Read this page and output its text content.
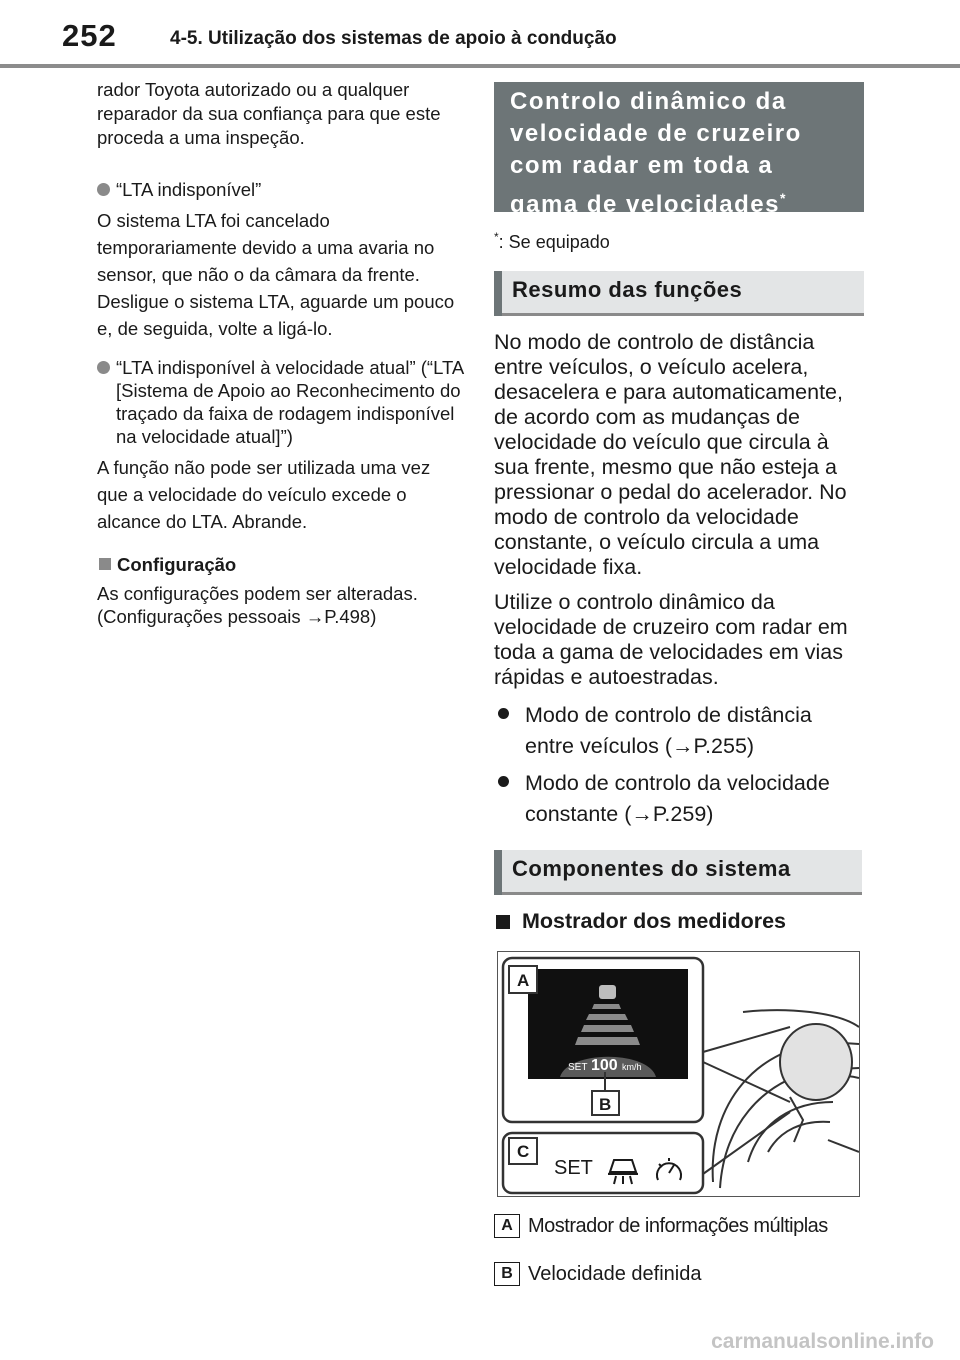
252	4-5. Utilização dos sistemas de apoio à condução

rador Toyota autorizado ou a qualquer reparador da sua confiança para que este proceda a uma inspeção.

“LTA indisponível”

O sistema LTA foi cancelado temporariamente devido a uma avaria no sensor, que não o da câmara da frente. Desligue o sistema LTA, aguarde um pouco e, de seguida, volte a ligá-lo.

“LTA indisponível à velocidade atual” (“LTA [Sistema de Apoio ao Reconhecimento do traçado da faixa de rodagem indisponível na velocidade atual]”)

A função não pode ser utilizada uma vez que a velocidade do veículo excede o alcance do LTA. Abrande.

Configuração

As configurações podem ser alteradas. (Configurações pessoais →P.498)

Controlo dinâmico da velocidade de cruzeiro com radar em toda a gama de velocidades*
*: Se equipado
Resumo das funções

No modo de controlo de distância entre veículos, o veículo acelera, desacelera e para automaticamente, de acordo com as mudanças de velocidade do veículo que circula à sua frente, mesmo que não esteja a pressionar o pedal do acelerador. No modo de controlo da velocidade constante, o veículo circula a uma velocidade fixa.

Utilize o controlo dinâmico da velocidade de cruzeiro com radar em toda a gama de velocidades em vias rápidas e autoestradas.

Modo de controlo de distância entre veículos (→P.255)
Modo de controlo da velocidade constante (→P.259)
Componentes do sistema
Mostrador dos medidores
SET 100 km/h
A
B
C
SET
A Mostrador de informações múltiplas
B Velocidade definida
carmanualsonline.info
